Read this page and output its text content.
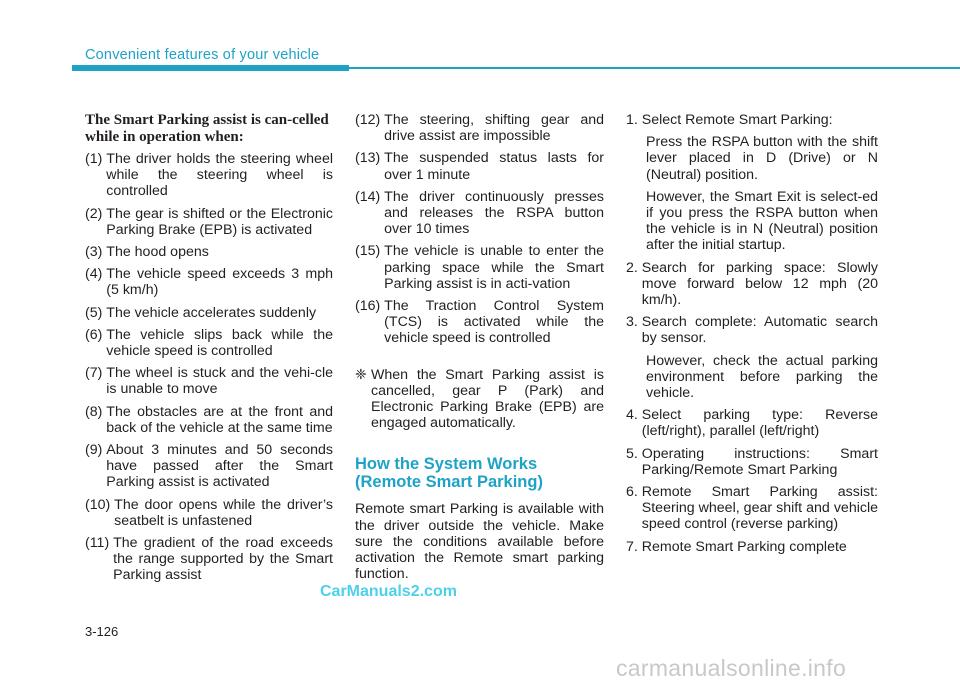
Convenient features of your vehicle
The Smart Parking assist is can-celled while in operation when:
(1) The driver holds the steering wheel while the steering wheel is controlled
(2) The gear is shifted or the Electronic Parking Brake (EPB) is activated
(3) The hood opens
(4) The vehicle speed exceeds 3 mph (5 km/h)
(5) The vehicle accelerates suddenly
(6) The vehicle slips back while the vehicle speed is controlled
(7) The wheel is stuck and the vehi-cle is unable to move
(8) The obstacles are at the front and back of the vehicle at the same time
(9) About 3 minutes and 50 seconds have passed after the Smart Parking assist is activated
(10) The door opens while the driver’s seatbelt is unfastened
(11) The gradient of the road exceeds the range supported by the Smart Parking assist
(12) The steering, shifting gear and drive assist are impossible
(13) The suspended status lasts for over 1 minute
(14) The driver continuously presses and releases the RSPA button over 10 times
(15) The vehicle is unable to enter the parking space while the Smart Parking assist is in acti-vation
(16) The Traction Control System (TCS) is activated while the vehicle speed is controlled
❈ When the Smart Parking assist is cancelled, gear P (Park) and Electronic Parking Brake (EPB) are engaged automatically.
How the System Works
(Remote Smart Parking)

Remote smart Parking is available with the driver outside the vehicle. Make sure the conditions available before activation the Remote smart parking function.

1. Select Remote Smart Parking:
Press the RSPA button with the shift lever placed in D (Drive) or N (Neutral) position.
However, the Smart Exit is select-ed if you press the RSPA button when the vehicle is in N (Neutral) position after the initial startup.
2. Search for parking space: Slowly move forward below 12 mph (20 km/h).
3. Search complete: Automatic search by sensor.
However, check the actual parking environment before parking the vehicle.
4. Select parking type: Reverse (left/right), parallel (left/right)
5. Operating instructions: Smart Parking/Remote Smart Parking
6. Remote Smart Parking assist: Steering wheel, gear shift and vehicle speed control (reverse parking)
7. Remote Smart Parking complete
CarManuals2.com
3-126
carmanualsonline.info
